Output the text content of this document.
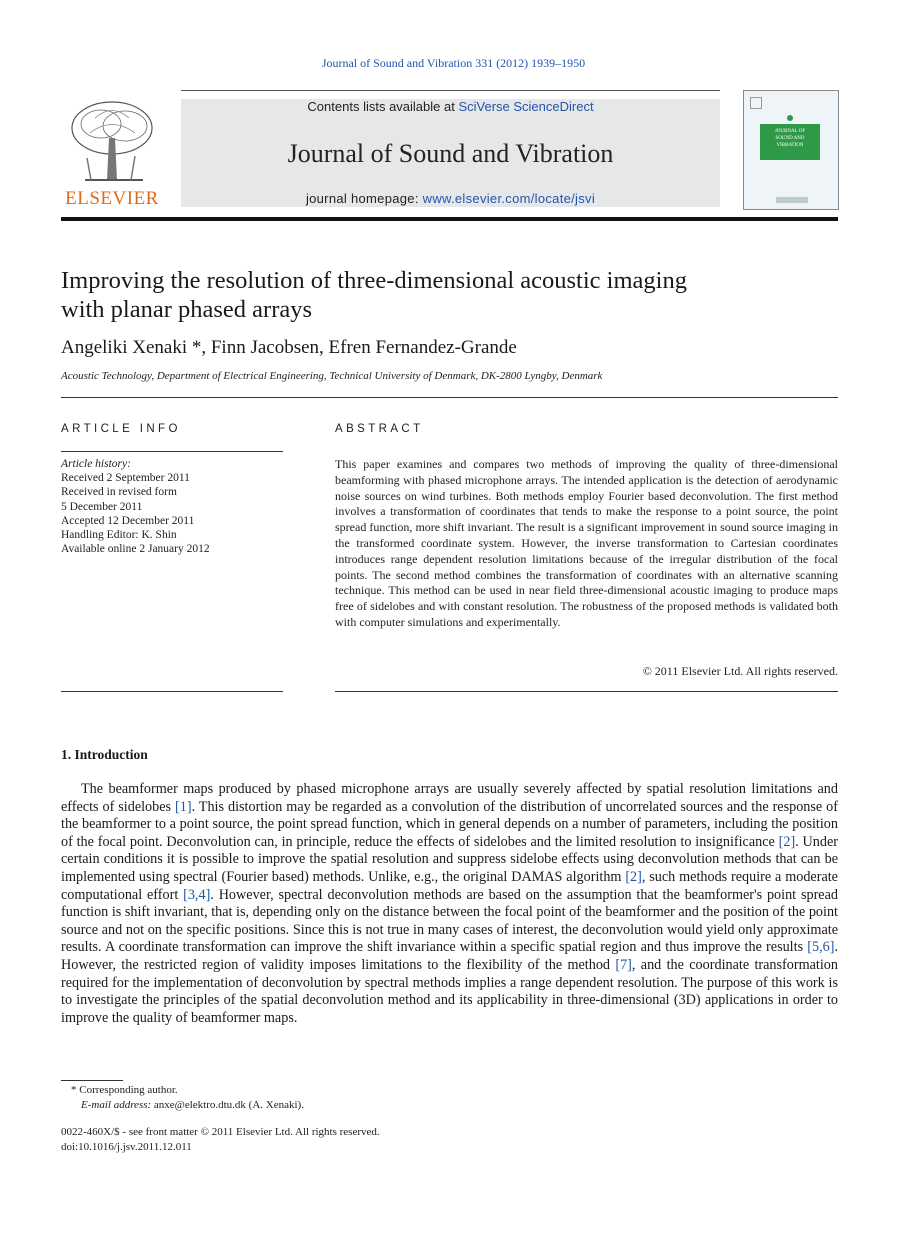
Journal of Sound and Vibration 331 (2012) 1939–1950
ELSEVIER
Contents lists available at SciVerse ScienceDirect
Journal of Sound and Vibration
journal homepage: www.elsevier.com/locate/jsvi
JOURNAL OF
SOUND AND
VIBRATION
Improving the resolution of three-dimensional acoustic imaging
with planar phased arrays
Angeliki Xenaki *, Finn Jacobsen, Efren Fernandez-Grande
Acoustic Technology, Department of Electrical Engineering, Technical University of Denmark, DK-2800 Lyngby, Denmark
ARTICLE INFO	ABSTRACT
Article history:
Received 2 September 2011
Received in revised form
5 December 2011
Accepted 12 December 2011
Handling Editor: K. Shin
Available online 2 January 2012
This paper examines and compares two methods of improving the quality of three-dimensional beamforming with phased microphone arrays. The intended application is the detection of aerodynamic noise sources on wind turbines. Both methods employ Fourier based deconvolution. The first method involves a transformation of coordinates that tends to make the response to a point source, the point spread function, more shift invariant. The result is a significant improvement in sound source imaging in the transformed coordinate system. However, the inverse transformation to Cartesian coordinates introduces range dependent resolution limitations because of the irregular distribution of the focal points. The second method combines the transformation of coordinates with an alternative scanning technique. This method can be used in near field three-dimensional acoustic imaging to produce maps free of sidelobes and with constant resolution. The robustness of the proposed methods is validated both with computer simulations and experimentally.
© 2011 Elsevier Ltd. All rights reserved.
1. Introduction
The beamformer maps produced by phased microphone arrays are usually severely affected by spatial resolution limitations and effects of sidelobes [1]. This distortion may be regarded as a convolution of the distribution of uncorrelated sources and the response of the beamformer to a point source, the point spread function, which in general depends on a number of parameters, including the position of the focal point. Deconvolution can, in principle, reduce the effects of sidelobes and the limited resolution to insignificance [2]. Under certain conditions it is possible to improve the spatial resolution and suppress sidelobe effects using deconvolution methods that can be implemented using spectral (Fourier based) methods. Unlike, e.g., the original DAMAS algorithm [2], such methods require a moderate computational effort [3,4]. However, spectral deconvolution methods are based on the assumption that the beamformer's point spread function is shift invariant, that is, depending only on the distance between the focal point of the beamformer and the position of the point source and not on the specific positions. Since this is not true in many cases of interest, the deconvolution would yield only approximate results. A coordinate transformation can improve the shift invariance within a specific spatial region and thus improve the results [5,6]. However, the restricted region of validity imposes limitations to the flexibility of the method [7], and the coordinate transformation required for the implementation of deconvolution by spectral methods implies a range dependent resolution. The purpose of this work is to investigate the principles of the spatial deconvolution method and its applicability in three-dimensional (3D) applications in order to improve the quality of beamformer maps.
* Corresponding author.
E-mail address: anxe@elektro.dtu.dk (A. Xenaki).
0022-460X/$ - see front matter © 2011 Elsevier Ltd. All rights reserved.
doi:10.1016/j.jsv.2011.12.011
